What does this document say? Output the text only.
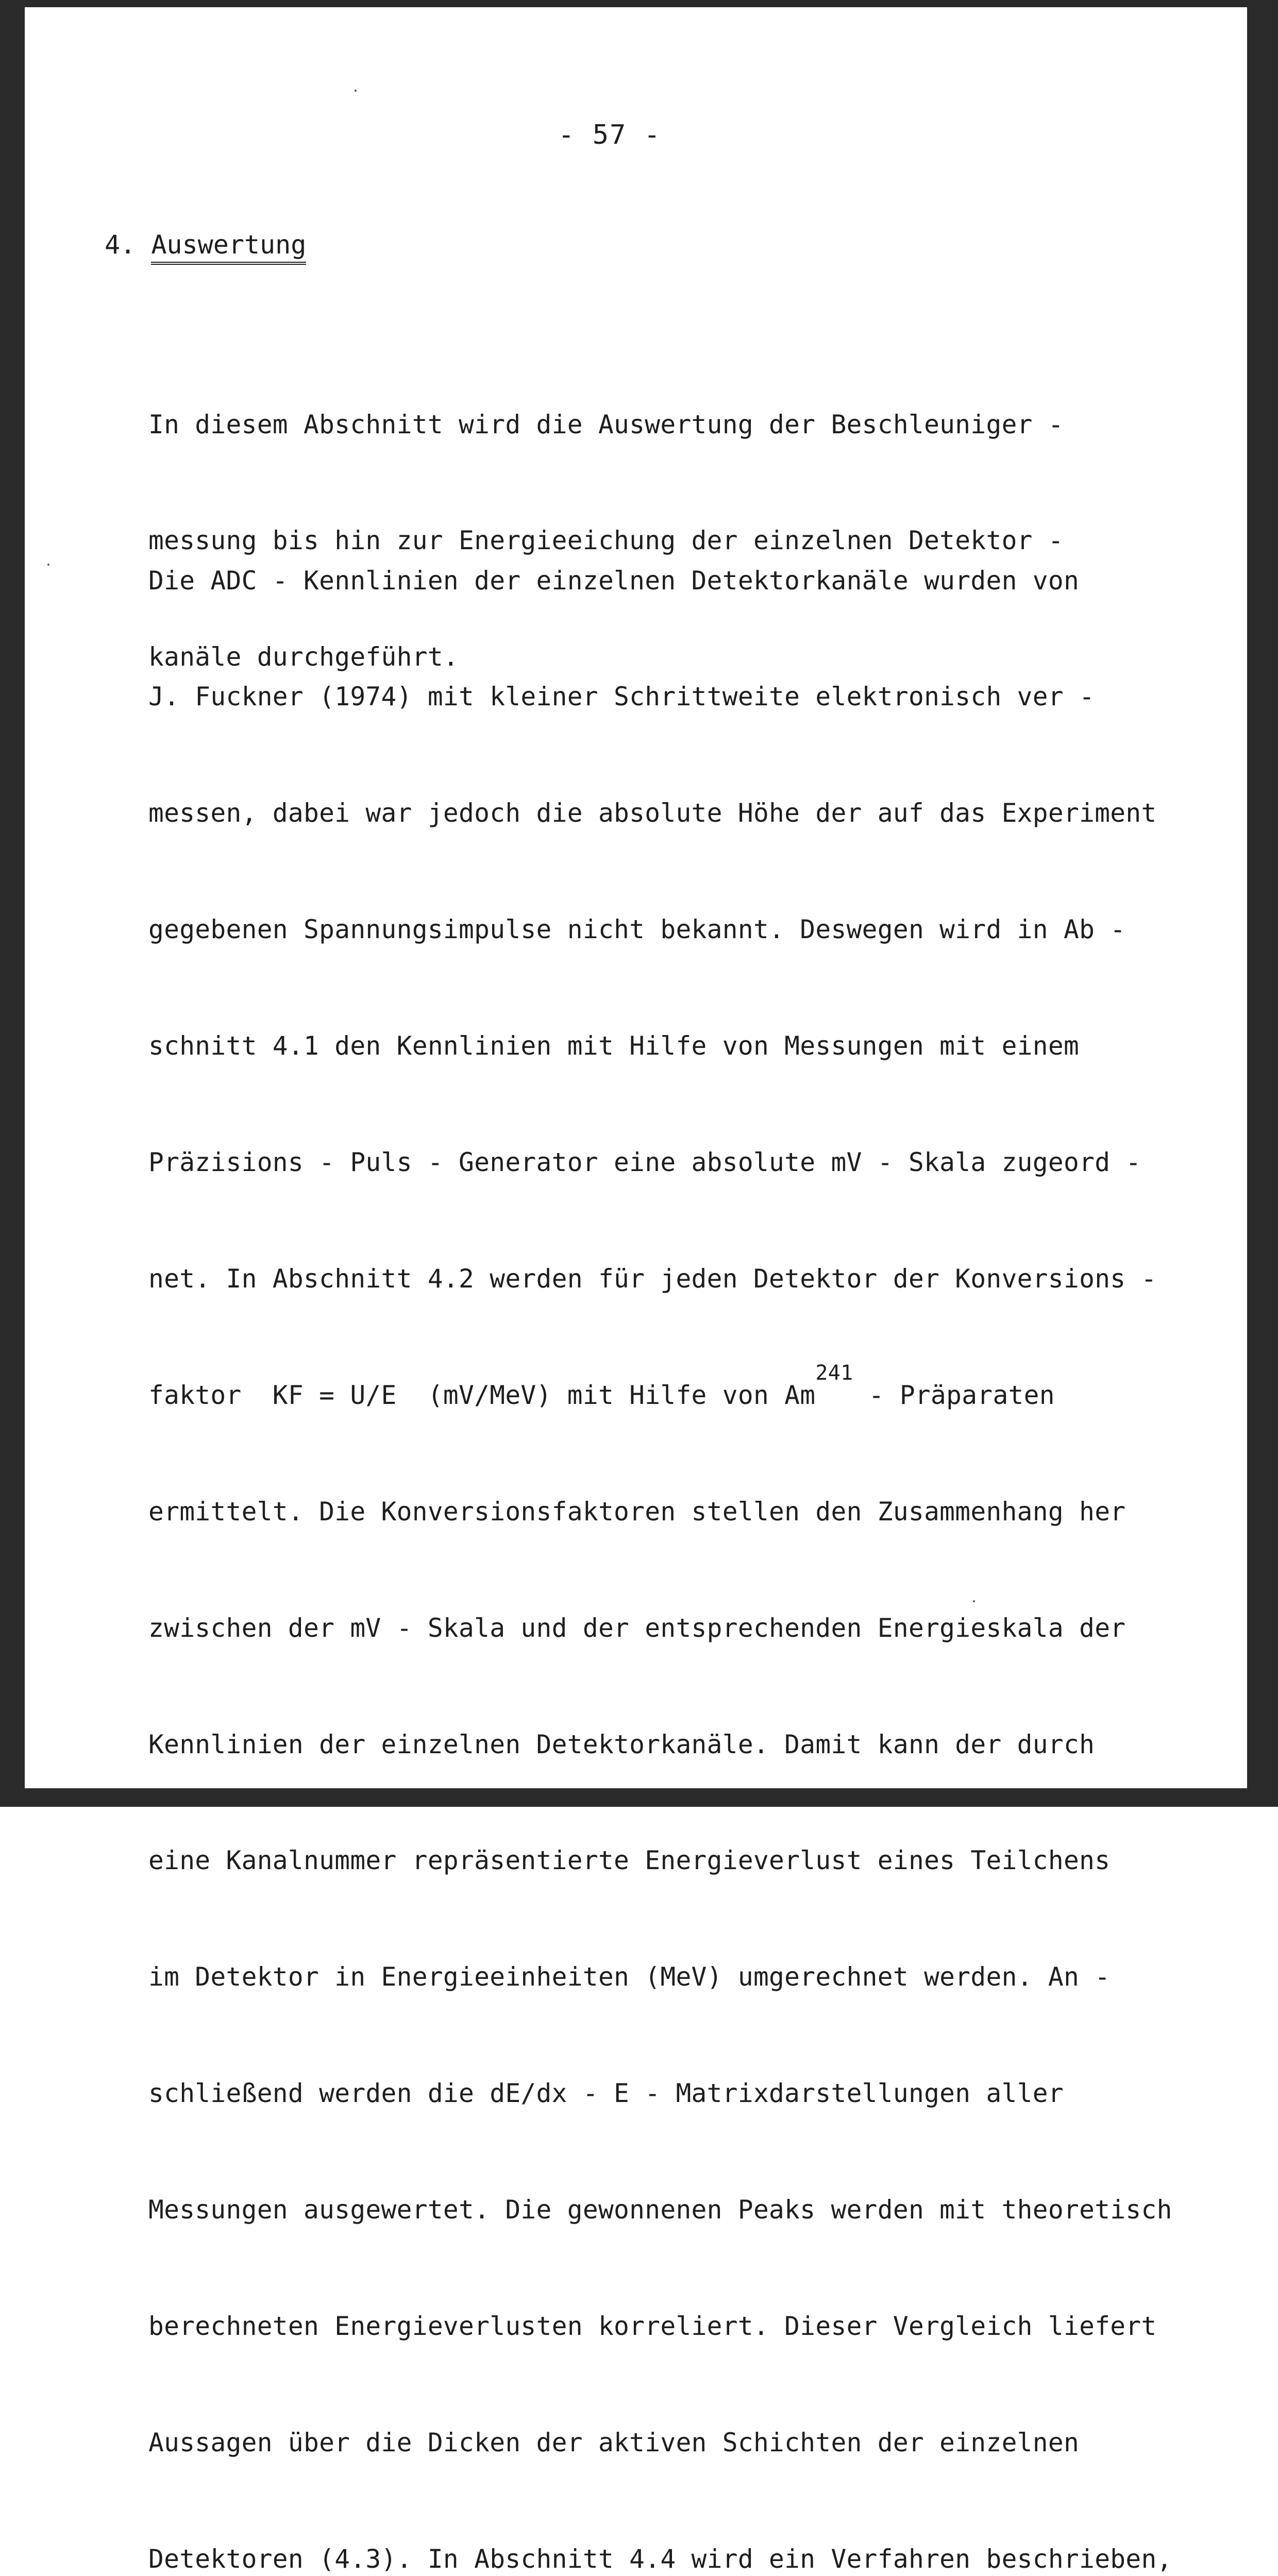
- 57 -
4. Auswertung

In diesem Abschnitt wird die Auswertung der Beschleuniger -

messung bis hin zur Energieeichung der einzelnen Detektor -

kanäle durchgeführt.

Die ADC - Kennlinien der einzelnen Detektorkanäle wurden von

J. Fuckner (1974) mit kleiner Schrittweite elektronisch ver -

messen, dabei war jedoch die absolute Höhe der auf das Experiment

gegebenen Spannungsimpulse nicht bekannt. Deswegen wird in Ab -

schnitt 4.1 den Kennlinien mit Hilfe von Messungen mit einem

Präzisions - Puls - Generator eine absolute mV - Skala zugeord -

net. In Abschnitt 4.2 werden für jeden Detektor der Konversions -

faktor  KF = U/E  (mV/MeV) mit Hilfe von Am$^{241}$ - Präparaten

ermittelt. Die Konversionsfaktoren stellen den Zusammenhang her

zwischen der mV - Skala und der entsprechenden Energieskala der

Kennlinien der einzelnen Detektorkanäle. Damit kann der durch

eine Kanalnummer repräsentierte Energieverlust eines Teilchens

im Detektor in Energieeinheiten (MeV) umgerechnet werden. An -

schließend werden die dE/dx - E - Matrixdarstellungen aller

Messungen ausgewertet. Die gewonnenen Peaks werden mit theoretisch

berechneten Energieverlusten korreliert. Dieser Vergleich liefert

Aussagen über die Dicken der aktiven Schichten der einzelnen

Detektoren (4.3). In Abschnitt 4.4 wird ein Verfahren beschrieben,
